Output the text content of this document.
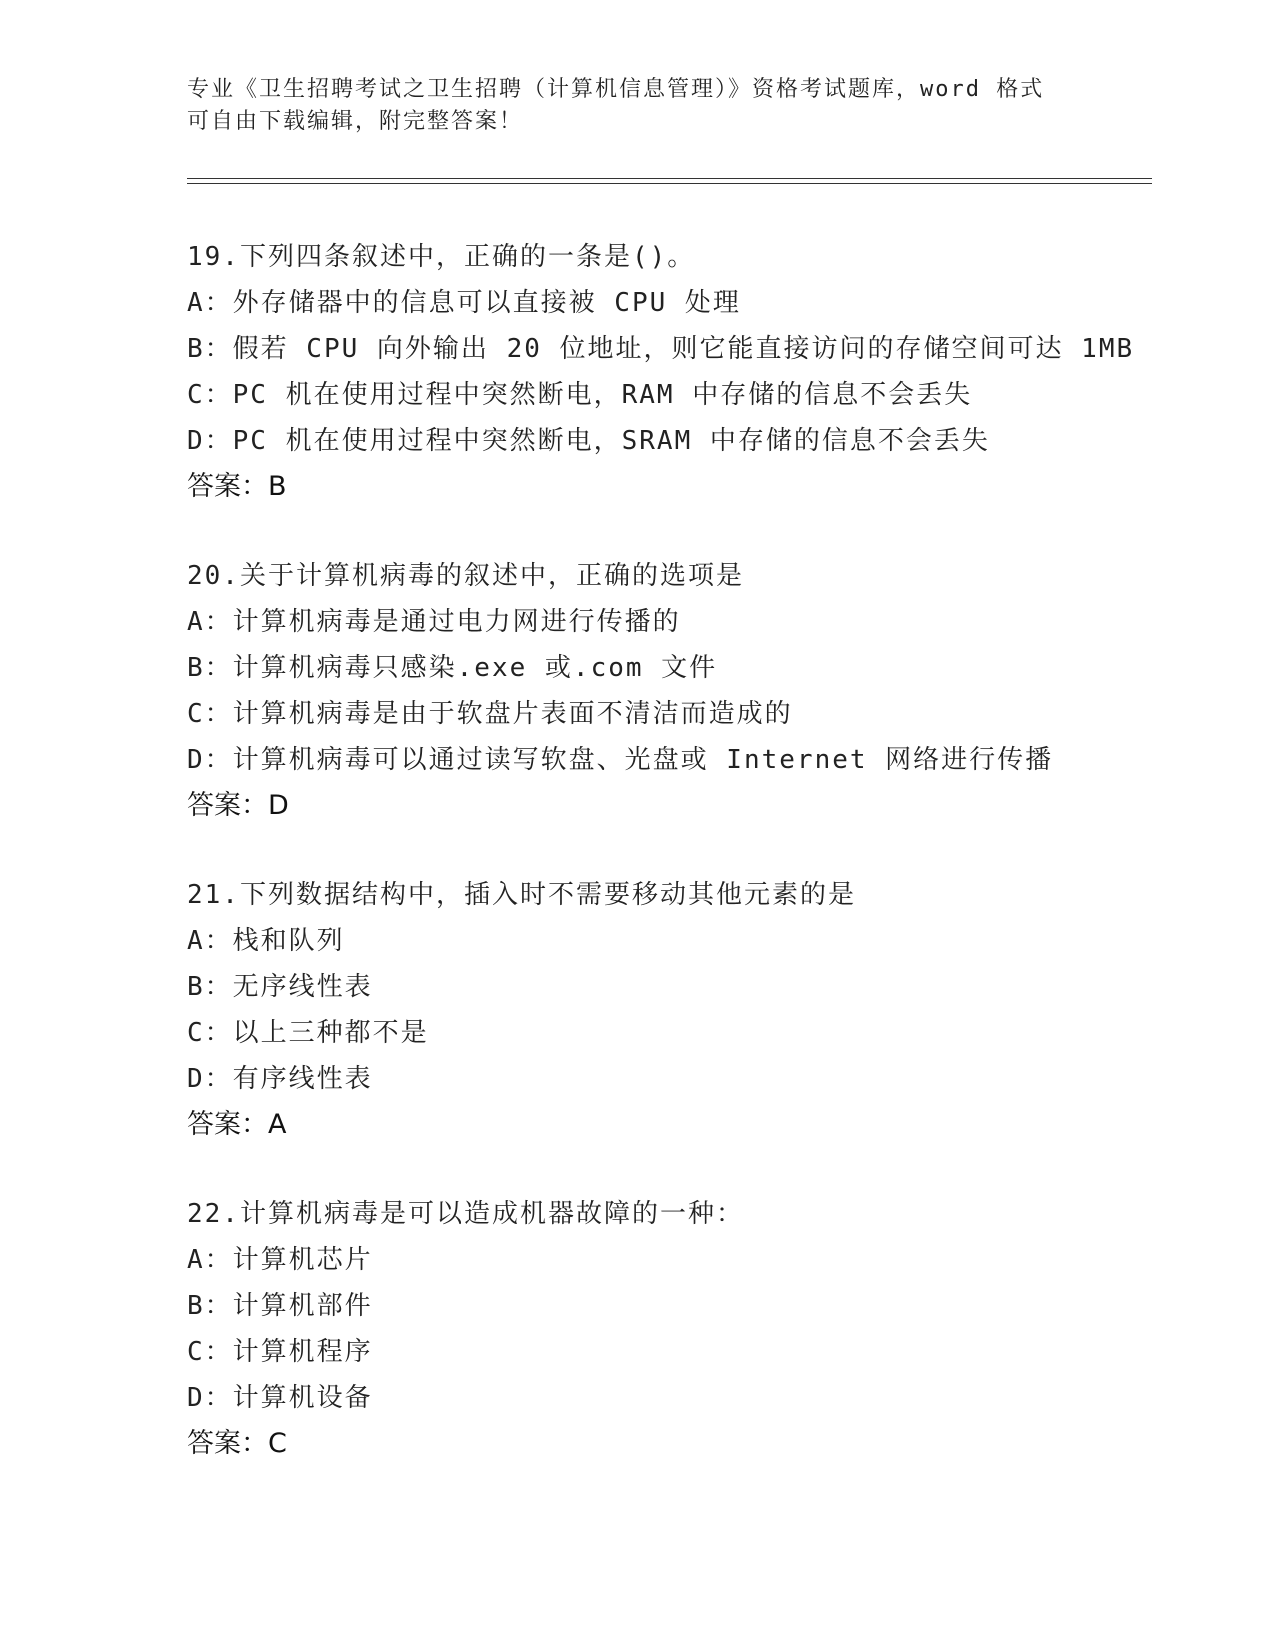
专业《卫生招聘考试之卫生招聘（计算机信息管理）》资格考试题库，word 格式
可自由下载编辑，附完整答案！
19.下列四条叙述中，正确的一条是()。
A：外存储器中的信息可以直接被 CPU 处理
B：假若 CPU 向外输出 20 位地址，则它能直接访问的存储空间可达 1MB
C：PC 机在使用过程中突然断电，RAM 中存储的信息不会丢失
D：PC 机在使用过程中突然断电，SRAM 中存储的信息不会丢失
答案：B
20.关于计算机病毒的叙述中，正确的选项是
A：计算机病毒是通过电力网进行传播的
B：计算机病毒只感染.exe 或.com 文件
C：计算机病毒是由于软盘片表面不清洁而造成的
D：计算机病毒可以通过读写软盘、光盘或 Internet 网络进行传播
答案：D
21.下列数据结构中，插入时不需要移动其他元素的是
A：栈和队列
B：无序线性表
C：以上三种都不是
D：有序线性表
答案：A
22.计算机病毒是可以造成机器故障的一种：
A：计算机芯片
B：计算机部件
C：计算机程序
D：计算机设备
答案：C
